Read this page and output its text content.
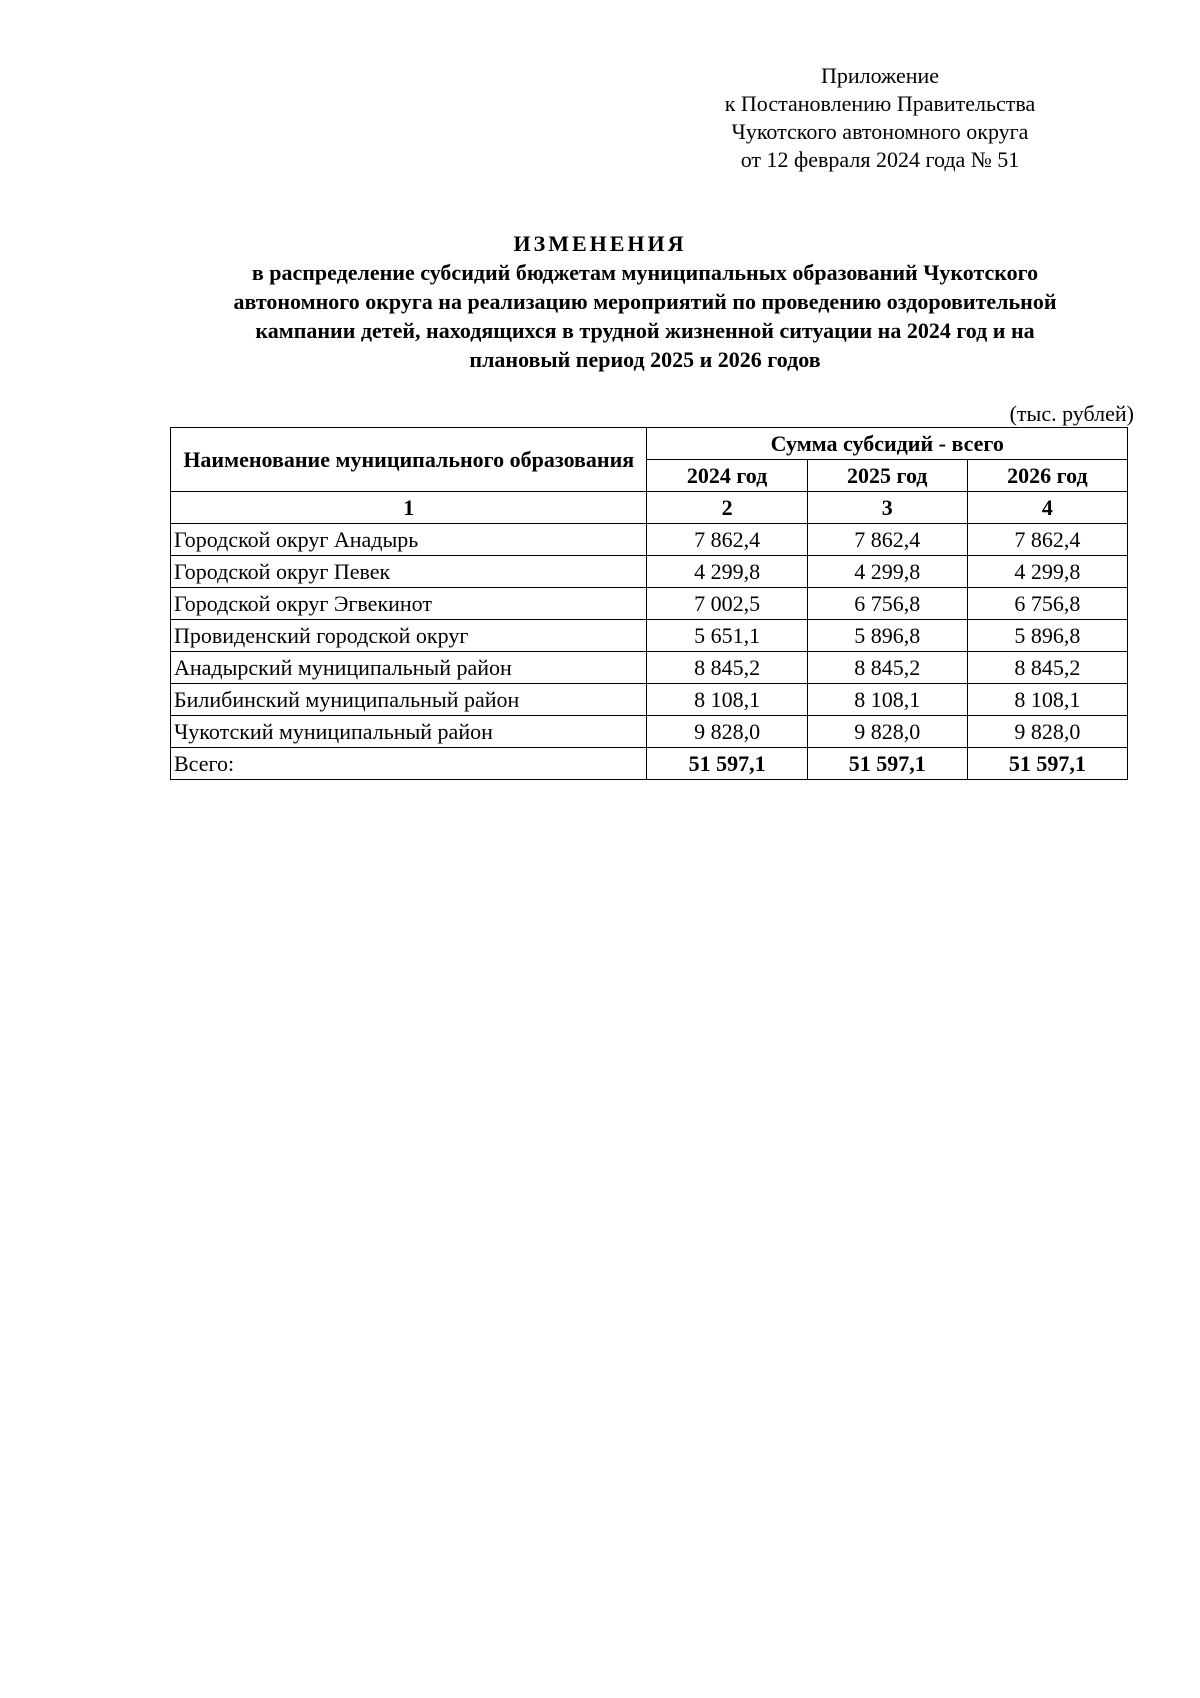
Приложение
к Постановлению Правительства
Чукотского автономного округа
от 12 февраля 2024 года № 51
ИЗМЕНЕНИЯ
в распределение субсидий бюджетам муниципальных образований Чукотского
автономного округа на реализацию мероприятий по проведению оздоровительной
кампании детей, находящихся в трудной жизненной ситуации на 2024 год и на
плановый период 2025 и 2026 годов
(тыс. рублей)
Наименование муниципального образования	Сумма субсидий - всего		
	2024 год	2025 год	2026 год
1	2	3	4
Городской округ Анадырь	7 862,4	7 862,4	7 862,4
Городской округ Певек	4 299,8	4 299,8	4 299,8
Городской округ Эгвекинот	7 002,5	6 756,8	6 756,8
Провиденский городской округ	5 651,1	5 896,8	5 896,8
Анадырский муниципальный район	8 845,2	8 845,2	8 845,2
Билибинский муниципальный район	8 108,1	8 108,1	8 108,1
Чукотский муниципальный район	9 828,0	9 828,0	9 828,0
Всего:	51 597,1	51 597,1	51 597,1
